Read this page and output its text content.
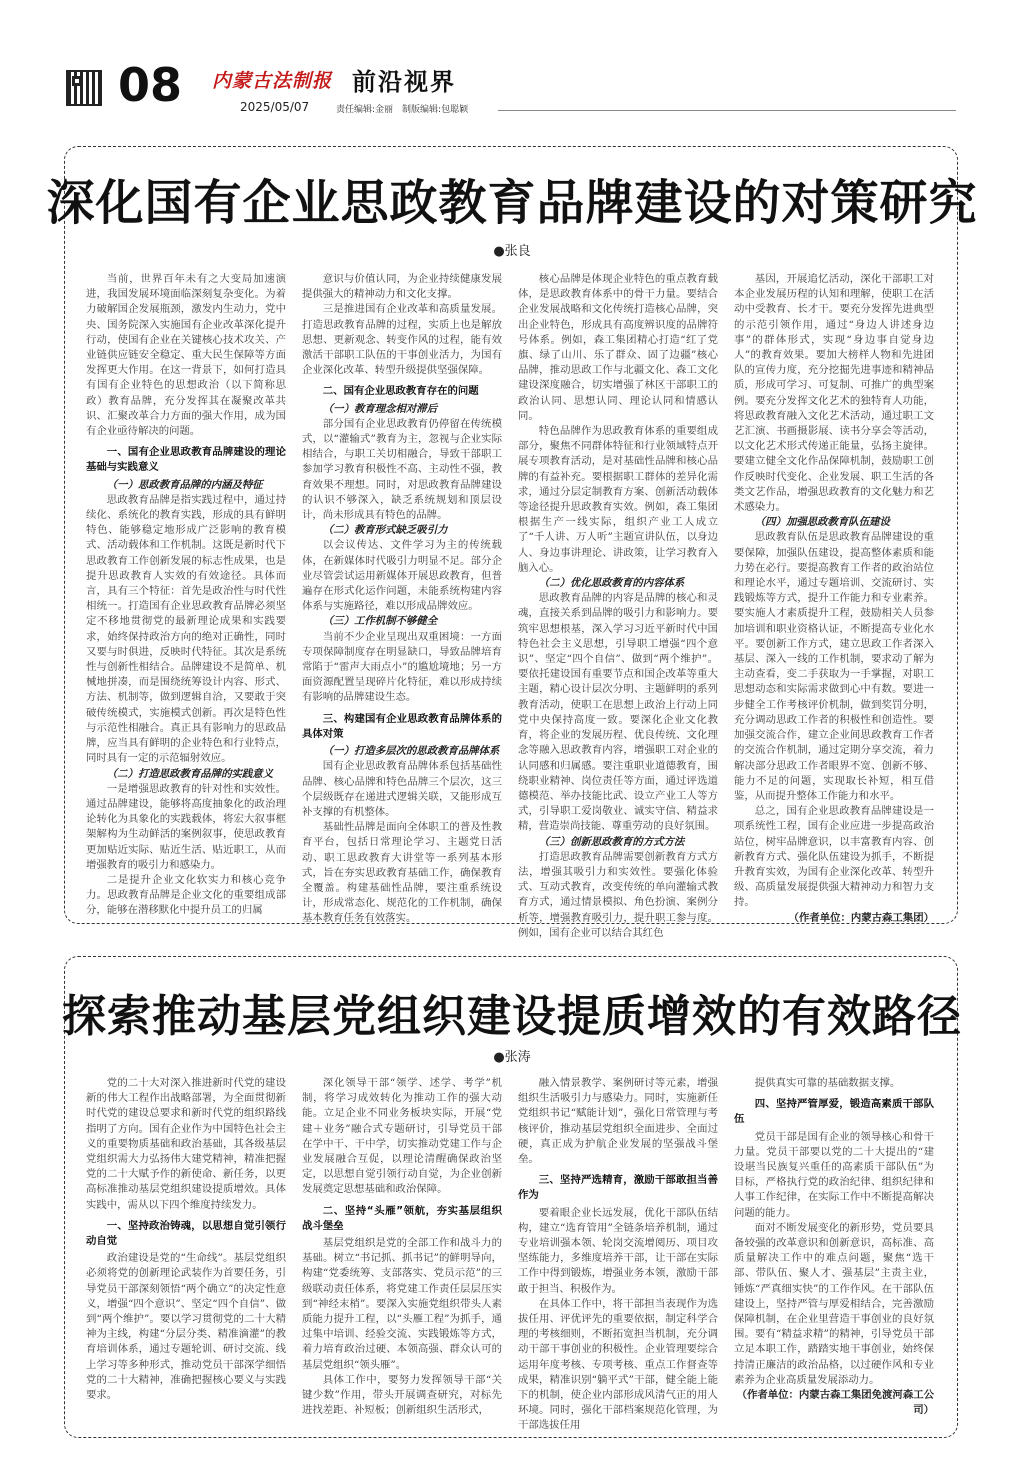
08 内蒙古法制报
2025/05/07
前沿视界
责任编辑:金丽　制版编辑:包聪颖
深化国有企业思政教育品牌建设的对策研究
●张良

当前，世界百年未有之大变局加速演进，我国发展环境面临深刻复杂变化。为着力破解国企发展瓶颈，激发内生动力，党中央、国务院深入实施国有企业改革深化提升行动，使国有企业在关键核心技术攻关、产业链供应链安全稳定、重大民生保障等方面发挥更大作用。在这一背景下，如何打造具有国有企业特色的思想政治（以下简称思政）教育品牌，充分发挥其在凝聚改革共识、汇聚改革合力方面的强大作用，成为国有企业亟待解决的问题。

一、国有企业思政教育品牌建设的理论基础与实践意义

（一）思政教育品牌的内涵及特征

思政教育品牌是指实践过程中，通过持续化、系统化的教育实践，形成的具有鲜明特色、能够稳定地形成广泛影响的教育模式、活动载体和工作机制。这既是新时代下思政教育工作创新发展的标志性成果，也是提升思政教育人实效的有效途径。具体而言，具有三个特征：首先是政治性与时代性相统一。打造国有企业思政教育品牌必须坚定不移地贯彻党的最新理论成果和实践要求，始终保持政治方向的绝对正确性，同时又要与时俱进，反映时代特征。其次是系统性与创新性相结合。品牌建设不是简单、机械地拼凑，而是围绕统筹设计内容、形式、方法、机制等，做到逻辑自洽，又要敢于突破传统模式，实施模式创新。再次是特色性与示范性相融合。真正具有影响力的思政品牌，应当具有鲜明的企业特色和行业特点，同时具有一定的示范辐射效应。

（二）打造思政教育品牌的实践意义

一是增强思政教育的针对性和实效性。通过品牌建设，能够将高度抽象化的政治理论转化为具象化的实践载体，将宏大叙事框架解构为生动鲜活的案例叙事，使思政教育更加贴近实际、贴近生活、贴近职工，从而增强教育的吸引力和感染力。

二是提升企业文化软实力和核心竞争力。思政教育品牌是企业文化的重要组成部分，能够在潜移默化中提升员工的归属

意识与价值认同，为企业持续健康发展提供强大的精神动力和文化支撑。

三是推进国有企业改革和高质量发展。打造思政教育品牌的过程，实质上也是解放思想、更新观念、转变作风的过程，能有效激活干部职工队伍的干事创业活力，为国有企业深化改革、转型升级提供坚强保障。

二、国有企业思政教育存在的问题

（一）教育理念相对滞后

部分国有企业思政教育仍停留在传统模式，以“灌输式”教育为主，忽视与企业实际相结合，与职工关切相融合，导致干部职工参加学习教育积极性不高、主动性不强，教育效果不理想。同时，对思政教育品牌建设的认识不够深入，缺乏系统规划和顶层设计，尚未形成具有特色的品牌。

（二）教育形式缺乏吸引力

以会议传达、文件学习为主的传统载体，在新媒体时代吸引力明显不足。部分企业尽管尝试运用新媒体开展思政教育，但普遍存在形式化运作问题，未能系统构建内容体系与实施路径，难以形成品牌效应。

（三）工作机制不够健全

当前不少企业呈现出双重困境：一方面专项保障制度存在明显缺口，导致品牌培育常陷于“雷声大雨点小”的尴尬境地；另一方面资源配置呈现碎片化特征，难以形成持续有影响的品牌建设生态。

三、构建国有企业思政教育品牌体系的具体对策

（一）打造多层次的思政教育品牌体系

国有企业思政教育品牌体系包括基础性品牌、核心品牌和特色品牌三个层次，这三个层级既存在递进式逻辑关联，又能形成互补支撑的有机整体。

基础性品牌是面向全体职工的普及性教育平台，包括日常理论学习、主题党日活动、职工思政教育大讲堂等一系列基本形式，旨在夯实思政教育基础工作，确保教育全覆盖。构建基础性品牌，要注重系统设计，形成常态化、规范化的工作机制，确保基本教育任务有效落实。

核心品牌是体现企业特色的重点教育载体，是思政教育体系中的骨干力量。要结合企业发展战略和文化传统打造核心品牌，突出企业特色，形成具有高度辨识度的品牌符号体系。例如，森工集团精心打造“红了党旗、绿了山川、乐了群众、固了边疆”核心品牌，推动思政工作与北疆文化、森工文化建设深度融合，切实增强了林区干部职工的政治认同、思想认同、理论认同和情感认同。

特色品牌作为思政教育体系的重要组成部分，聚焦不同群体特征和行业领域特点开展专项教育活动，是对基础性品牌和核心品牌的有益补充。要根据职工群体的差异化需求，通过分层定制教育方案、创新活动载体等途径提升思政教育实效。例如，森工集团根据生产一线实际，组织产业工人成立了“千人讲、万人听”主题宣讲队伍，以身边人、身边事讲理论、讲政策，让学习教育入脑入心。

（二）优化思政教育的内容体系

思政教育品牌的内容是品牌的核心和灵魂，直接关系到品牌的吸引力和影响力。要筑牢思想根基，深入学习习近平新时代中国特色社会主义思想，引导职工增强“四个意识”、坚定“四个自信”、做到“两个维护”。要依托建设国有重要节点和国企改革等重大主题，精心设计层次分明、主题鲜明的系列教育活动，使职工在思想上政治上行动上同党中央保持高度一致。要深化企业文化教育，将企业的发展历程、优良传统、文化理念等融入思政教育内容，增强职工对企业的认同感和归属感。要注重职业道德教育，围绕职业精神、岗位责任等方面，通过评选道德模范、举办技能比武、设立产业工人等方式，引导职工爱岗敬业、诚实守信、精益求精，营造崇尚技能、尊重劳动的良好氛围。

（三）创新思政教育的方式方法

打造思政教育品牌需要创新教育方式方法，增强其吸引力和实效性。要强化体验式、互动式教育，改变传统的单向灌输式教育方式，通过情景模拟、角色扮演、案例分析等，增强教育吸引力，提升职工参与度。例如，国有企业可以结合其红色

基因，开展追忆活动，深化干部职工对本企业发展历程的认知和理解，使职工在活动中受教育、长才干。要充分发挥先进典型的示范引领作用，通过“身边人讲述身边事”的群体形式，实现“身边事自觉身边人”的教育效果。要加大榜样人物和先进团队的宣传力度，充分挖掘先进事迹和精神品质，形成可学习、可复制、可推广的典型案例。要充分发挥文化艺术的独特育人功能，将思政教育融入文化艺术活动，通过职工文艺汇演、书画摄影展、读书分享会等活动，以文化艺术形式传递正能量，弘扬主旋律。要建立健全文化作品保障机制，鼓励职工创作反映时代变化、企业发展、职工生活的各类文艺作品，增强思政教育的文化魅力和艺术感染力。

（四）加强思政教育队伍建设

思政教育队伍是思政教育品牌建设的重要保障，加强队伍建设，提高整体素质和能力势在必行。要提高教育工作者的政治站位和理论水平，通过专题培训、交流研讨、实践锻炼等方式，提升工作能力和专业素养。要实施人才素质提升工程，鼓励相关人员参加培训和职业资格认证，不断提高专业化水平。要创新工作方式，建立思政工作者深入基层、深入一线的工作机制，要求动了解为主动查看，变二手获取为一手掌握，对职工思想动态和实际需求做到心中有数。要进一步健全工作考核评价机制，做到奖罚分明，充分调动思政工作者的积极性和创造性。要加强交流合作，建立企业间思政教育工作者的交流合作机制，通过定期分享交流，着力解决部分思政工作者眼界不宽、创新不够、能力不足的问题，实现取长补短，相互借鉴，从而提升整体工作能力和水平。

总之，国有企业思政教育品牌建设是一项系统性工程，国有企业应进一步提高政治站位，树牢品牌意识，以丰富教育内容、创新教育方式、强化队伍建设为抓手，不断提升教育实效，为国有企业深化改革、转型升级、高质量发展提供强大精神动力和智力支持。

（作者单位：内蒙古森工集团）

探索推动基层党组织建设提质增效的有效路径
●张涛

党的二十大对深入推进新时代党的建设新的伟大工程作出战略部署，为全面贯彻新时代党的建设总要求和新时代党的组织路线指明了方向。国有企业作为中国特色社会主义的重要物质基础和政治基础，其各级基层党组织需大力弘扬伟大建党精神，精准把握党的二十大赋予作的新使命、新任务，以更高标准推动基层党组织建设提质增效。具体实践中，需从以下四个维度持续发力。

一、坚持政治铸魂，以思想自觉引领行动自觉

政治建设是党的“生命线”。基层党组织必须将党的创新理论武装作为首要任务，引导党员干部深刻领悟“两个确立”的决定性意义，增强“四个意识”、坚定“四个自信”、做到“两个维护”。要以学习贯彻党的二十大精神为主线，构建“分层分类、精准滴灌”的教育培训体系，通过专题轮训、研讨交流、线上学习等多种形式，推动党员干部深学细悟党的二十大精神，准确把握核心要义与实践要求。

深化领导干部“领学、述学、考学”机制，将学习成效转化为推动工作的强大动能。立足企业不同业务板块实际，开展“党建＋业务”融合式专题研讨，引导党员干部在学中干、干中学，切实推动党建工作与企业发展融合互促，以理论清醒确保政治坚定，以思想自觉引领行动自觉，为企业创新发展奠定思想基础和政治保障。

二、坚持“头雁”领航，夯实基层组织战斗堡垒

基层党组织是党的全部工作和战斗力的基础。树立“书记抓、抓书记”的鲜明导向，构建“党委统筹、支部落实、党员示范”的三级联动责任体系，将党建工作责任层层压实到“神经末梢”。要深入实施党组织带头人素质能力提升工程，以“头雁工程”为抓手，通过集中培训、经验交流、实践锻炼等方式，着力培育政治过硬、本领高强、群众认可的基层党组织“领头雁”。

具体工作中，要努力发挥领导干部“关键少数”作用，带头开展调查研究，对标先进找差距、补短板；创新组织生活形式，

融入情景教学、案例研讨等元素，增强组织生活吸引力与感染力。同时，实施新任党组织书记“赋能计划”，强化日常管理与考核评价，推动基层党组织全面进步、全面过硬，真正成为护航企业发展的坚强战斗堡垒。

三、坚持严选精育，激励干部敢担当善作为

要着眼企业长远发展，优化干部队伍结构，建立“选育管用”全链条培养机制，通过专业培训强本领、轮岗交流增阅历、项目攻坚练能力，多维度培养干部，让干部在实际工作中得到锻炼，增强业务本领，激励干部敢于担当、积极作为。

在具体工作中，将干部担当表现作为选拔任用、评优评先的重要依据，制定科学合理的考核细则，不断拓宽担当机制，充分调动干部干事创业的积极性。企业管理要综合运用年度考核、专项考核、重点工作督查等成果，精准识别“躺平式”干部，健全能上能下的机制，使企业内部形成风清气正的用人环境。同时，强化干部档案规范化管理，为干部选拔任用

提供真实可靠的基础数据支撑。

四、坚持严管厚爱，锻造高素质干部队伍

党员干部是国有企业的领导核心和骨干力量。党员干部要以党的二十大提出的“建设堪当民族复兴重任的高素质干部队伍”为目标，严格执行党的政治纪律、组织纪律和人事工作纪律，在实际工作中不断提高解决问题的能力。

面对不断发展变化的新形势，党员要具备较强的改革意识和创新意识，高标准、高质量解决工作中的难点问题，聚焦“选干部、带队伍、聚人才、强基层”主责主业，锤炼“严真细实快”的工作作风。在干部队伍建设上，坚持严管与厚爱相结合，完善激励保障机制，在企业里营造干事创业的良好氛围。要有“精益求精”的精神，引导党员干部立足本职工作，踏踏实地干事创业，始终保持清正廉洁的政治品格，以过硬作风和专业素养为企业高质量发展添动力。

（作者单位：内蒙古森工集团免渡河森工公司）
